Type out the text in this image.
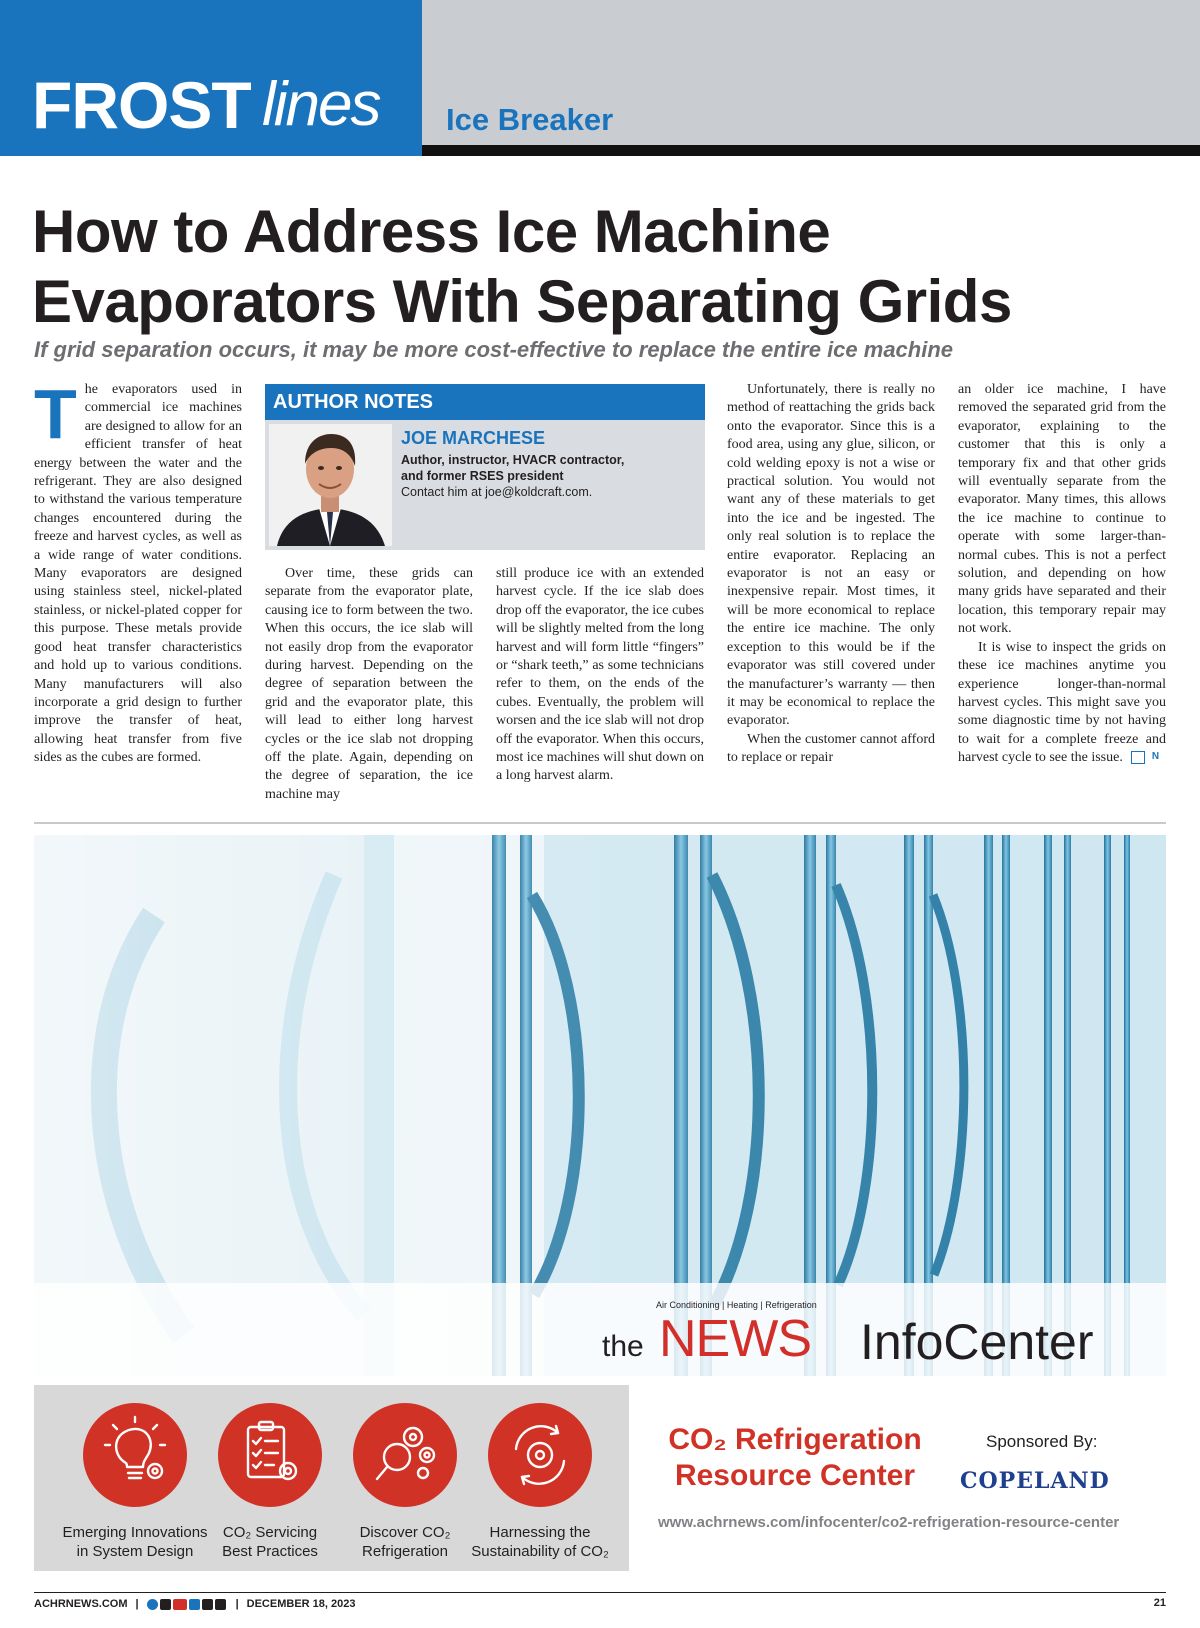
FROST lines Ice Breaker
How to Address Ice Machine
Evaporators With Separating Grids
If grid separation occurs, it may be more cost-effective to replace the entire ice machine
T he evaporators used in commercial ice machines are designed to allow for an efficient transfer of heat energy between the water and the refrigerant. They are also designed to withstand the various temperature changes encountered during the freeze and harvest cycles, as well as a wide range of water conditions. Many evaporators are designed using stainless steel, nickel-plated stainless, or nickel-plated copper for this purpose. These metals provide good heat transfer characteristics and hold up to various conditions. Many manufacturers will also incorporate a grid design to further improve the transfer of heat, allowing heat transfer from five sides as the cubes are formed.

AUTHOR NOTES
JOE MARCHESE
Author, instructor, HVACR contractor,
and former RSES president
Contact him at joe@koldcraft.com.

Over time, these grids can separate from the evaporator plate, causing ice to form between the two. When this occurs, the ice slab will not easily drop from the evaporator during harvest. Depending on the degree of separation between the grid and the evaporator plate, this will lead to either long harvest cycles or the ice slab not dropping off the plate. Again, depending on the degree of separation, the ice machine may

still produce ice with an extended harvest cycle. If the ice slab does drop off the evaporator, the ice cubes will be slightly melted from the long harvest and will form little “fingers” or “shark teeth,” as some technicians refer to them, on the ends of the cubes. Eventually, the problem will worsen and the ice slab will not drop off the evaporator. When this occurs, most ice machines will shut down on a long harvest alarm.

Unfortunately, there is really no method of reattaching the grids back onto the evaporator. Since this is a food area, using any glue, silicon, or cold welding epoxy is not a wise or practical solution. You would not want any of these materials to get into the ice and be ingested. The only real solution is to replace the entire evaporator. Replacing an evaporator is not an easy or inexpensive repair. Most times, it will be more economical to replace the entire ice machine. The only exception to this would be if the evaporator was still covered under the manufacturer’s warranty — then it may be economical to replace the evaporator.

When the customer cannot afford to replace or repair

an older ice machine, I have removed the separated grid from the evaporator, explaining to the customer that this is only a temporary fix and that other grids will eventually separate from the evaporator. Many times, this allows the ice machine to continue to operate with some larger-than-normal cubes. This is not a perfect solution, and depending on how many grids have separated and their location, this temporary repair may not work.

It is wise to inspect the grids on these ice machines anytime you experience longer-than-normal harvest cycles. This might save you some diagnostic time by not having to wait for a complete freeze and harvest cycle to see the issue.	N

Air Conditioning | Heating | Refrigeration
the NEWS InfoCenter
Emerging Innovations
in System Design
CO₂ Servicing
Best Practices
Discover CO₂
Refrigeration
Harnessing the
Sustainability of CO₂
CO₂ Refrigeration
Resource Center
Sponsored By:
COPELAND
www.achrnews.com/infocenter/co2-refrigeration-resource-center
ACHRNEWS.COM |	| DECEMBER 18, 2023	21
